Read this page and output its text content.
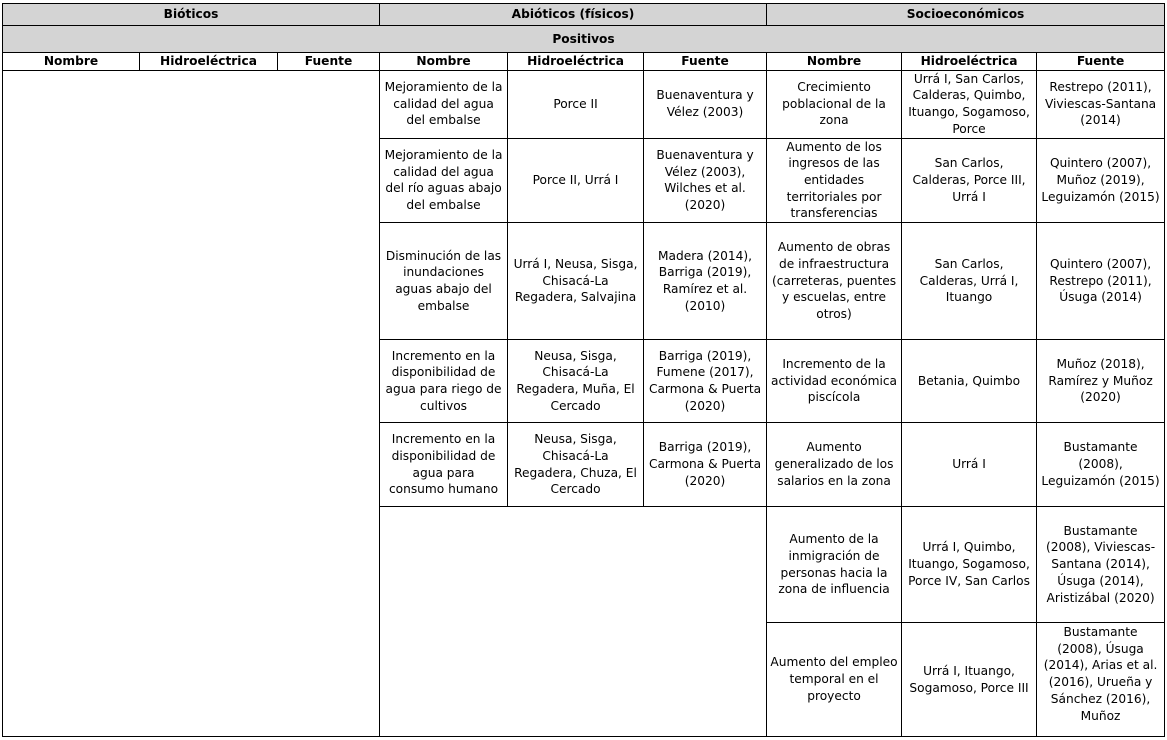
Bióticos			Abióticos (físicos)			Socioeconómicos		
Positivos								
Nombre	Hidroeléctrica	Fuente	Nombre	Hidroeléctrica	Fuente	Nombre	Hidroeléctrica	Fuente
			Mejoramiento de la calidad del agua del embalse	Porce II	Buenaventura y Vélez (2003)	Crecimiento poblacional de la zona	Urrá I, San Carlos, Calderas, Quimbo, Ituango, Sogamoso, Porce	Restrepo (2011), Viviescas-Santana (2014)
			Mejoramiento de la calidad del agua del río aguas abajo del embalse	Porce II, Urrá I	Buenaventura y Vélez (2003), Wilches et al. (2020)	Aumento de los ingresos de las entidades territoriales por transferencias	San Carlos, Calderas, Porce III, Urrá I	Quintero (2007), Muñoz (2019), Leguizamón (2015)
			Disminución de las inundaciones aguas abajo del embalse	Urrá I, Neusa, Sisga, Chisacá-La Regadera, Salvajina	Madera (2014), Barriga (2019), Ramírez et al. (2010)	Aumento de obras de infraestructura (carreteras, puentes y escuelas, entre otros)	San Carlos, Calderas, Urrá I, Ituango	Quintero (2007), Restrepo (2011), Úsuga (2014)
			Incremento en la disponibilidad de agua para riego de cultivos	Neusa, Sisga, Chisacá-La Regadera, Muña, El Cercado	Barriga (2019), Fumene (2017), Carmona & Puerta (2020)	Incremento de la actividad económica piscícola	Betania, Quimbo	Muñoz (2018), Ramírez y Muñoz (2020)
			Incremento en la disponibilidad de agua para consumo humano	Neusa, Sisga, Chisacá-La Regadera, Chuza, El Cercado	Barriga (2019), Carmona & Puerta (2020)	Aumento generalizado de los salarios en la zona	Urrá I	Bustamante (2008), Leguizamón (2015)
						Aumento de la inmigración de personas hacia la zona de influencia	Urrá I, Quimbo, Ituango, Sogamoso, Porce IV, San Carlos	Bustamante (2008), Viviescas-Santana (2014), Úsuga (2014), Aristizábal (2020)
						Aumento del empleo temporal en el proyecto	Urrá I, Ituango, Sogamoso, Porce III	Bustamante (2008), Úsuga (2014), Arias et al. (2016), Urueña y Sánchez (2016), Muñoz
